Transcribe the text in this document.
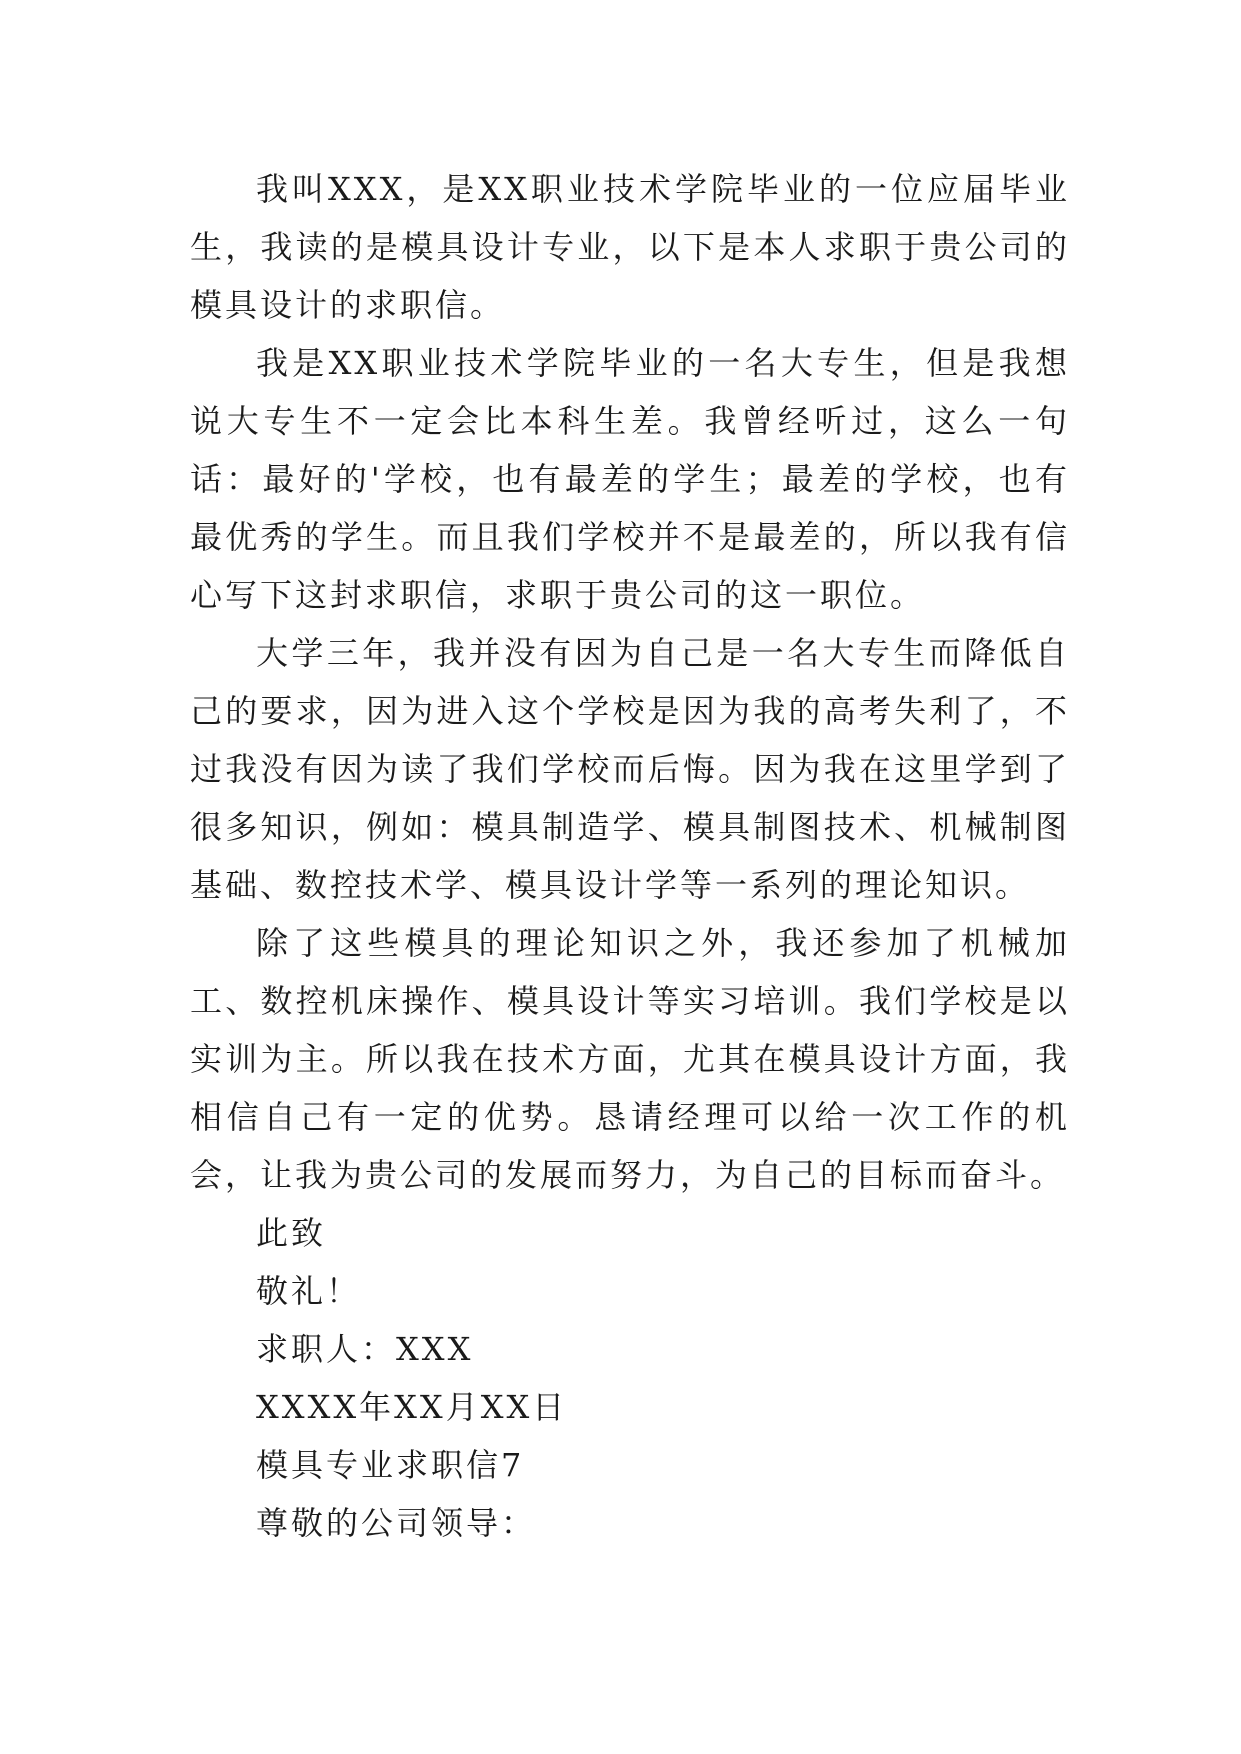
我叫XXX，是XX职业技术学院毕业的一位应届毕业生，我读的是模具设计专业，以下是本人求职于贵公司的模具设计的求职信。

我是XX职业技术学院毕业的一名大专生，但是我想说大专生不一定会比本科生差。我曾经听过，这么一句话：最好的'学校，也有最差的学生；最差的学校，也有最优秀的学生。而且我们学校并不是最差的，所以我有信心写下这封求职信，求职于贵公司的这一职位。

大学三年，我并没有因为自己是一名大专生而降低自己的要求，因为进入这个学校是因为我的高考失利了，不过我没有因为读了我们学校而后悔。因为我在这里学到了很多知识，例如：模具制造学、模具制图技术、机械制图基础、数控技术学、模具设计学等一系列的理论知识。

除了这些模具的理论知识之外，我还参加了机械加工、数控机床操作、模具设计等实习培训。我们学校是以实训为主。所以我在技术方面，尤其在模具设计方面，我相信自己有一定的优势。恳请经理可以给一次工作的机会，让我为贵公司的发展而努力，为自己的目标而奋斗。

此致

敬礼！

求职人：XXX

XXXX年XX月XX日

模具专业求职信7

尊敬的公司领导：
